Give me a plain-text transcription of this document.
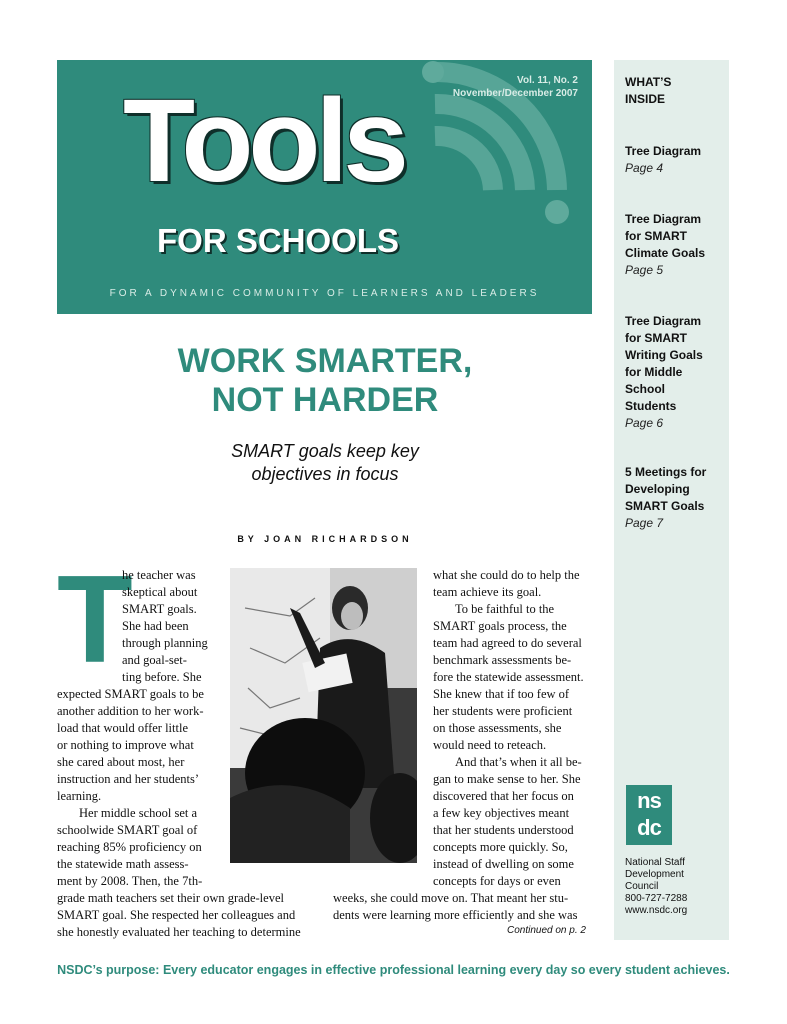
Vol. 11, No. 2
November/December 2007
Tools
FOR SCHOOLS
FOR A DYNAMIC COMMUNITY OF LEARNERS AND LEADERS
WHAT’S
INSIDE
Tree Diagram
Page 4
Tree Diagram
for SMART
Climate Goals
Page 5
Tree Diagram
for SMART
Writing Goals
for Middle
School
Students
Page 6
5 Meetings for
Developing
SMART Goals
Page 7
ns
dc
National Staff
Development
Council
800-727-7288
www.nsdc.org
WORK SMARTER,
NOT HARDER
SMART goals keep key
objectives in focus
BY JOAN RICHARDSON
T
he teacher was
skeptical about
SMART goals.
She had been
through planning
and goal-set-
ting before. She
expected SMART goals to be
another addition to her work-
load that would offer little
or nothing to improve what
she cared about most, her
instruction and her students’
learning.
Her middle school set a
schoolwide SMART goal of
reaching 85% proficiency on
the statewide math assess-
ment by 2008. Then, the 7th-
grade math teachers set their own grade-level
SMART goal. She respected her colleagues and
she honestly evaluated her teaching to determine
what she could do to help the
team achieve its goal.
To be faithful to the
SMART goals process, the
team had agreed to do several
benchmark assessments be-
fore the statewide assessment.
She knew that if too few of
her students were proficient
on those assessments, she
would need to reteach.
And that’s when it all be-
gan to make sense to her. She
discovered that her focus on
a few key objectives meant
that her students understood
concepts more quickly. So,
instead of dwelling on some
concepts for days or even
weeks, she could move on. That meant her stu-
dents were learning more efficiently and she was
Continued on p. 2
NSDC’s purpose: Every educator engages in effective professional learning every day so every student achieves.
